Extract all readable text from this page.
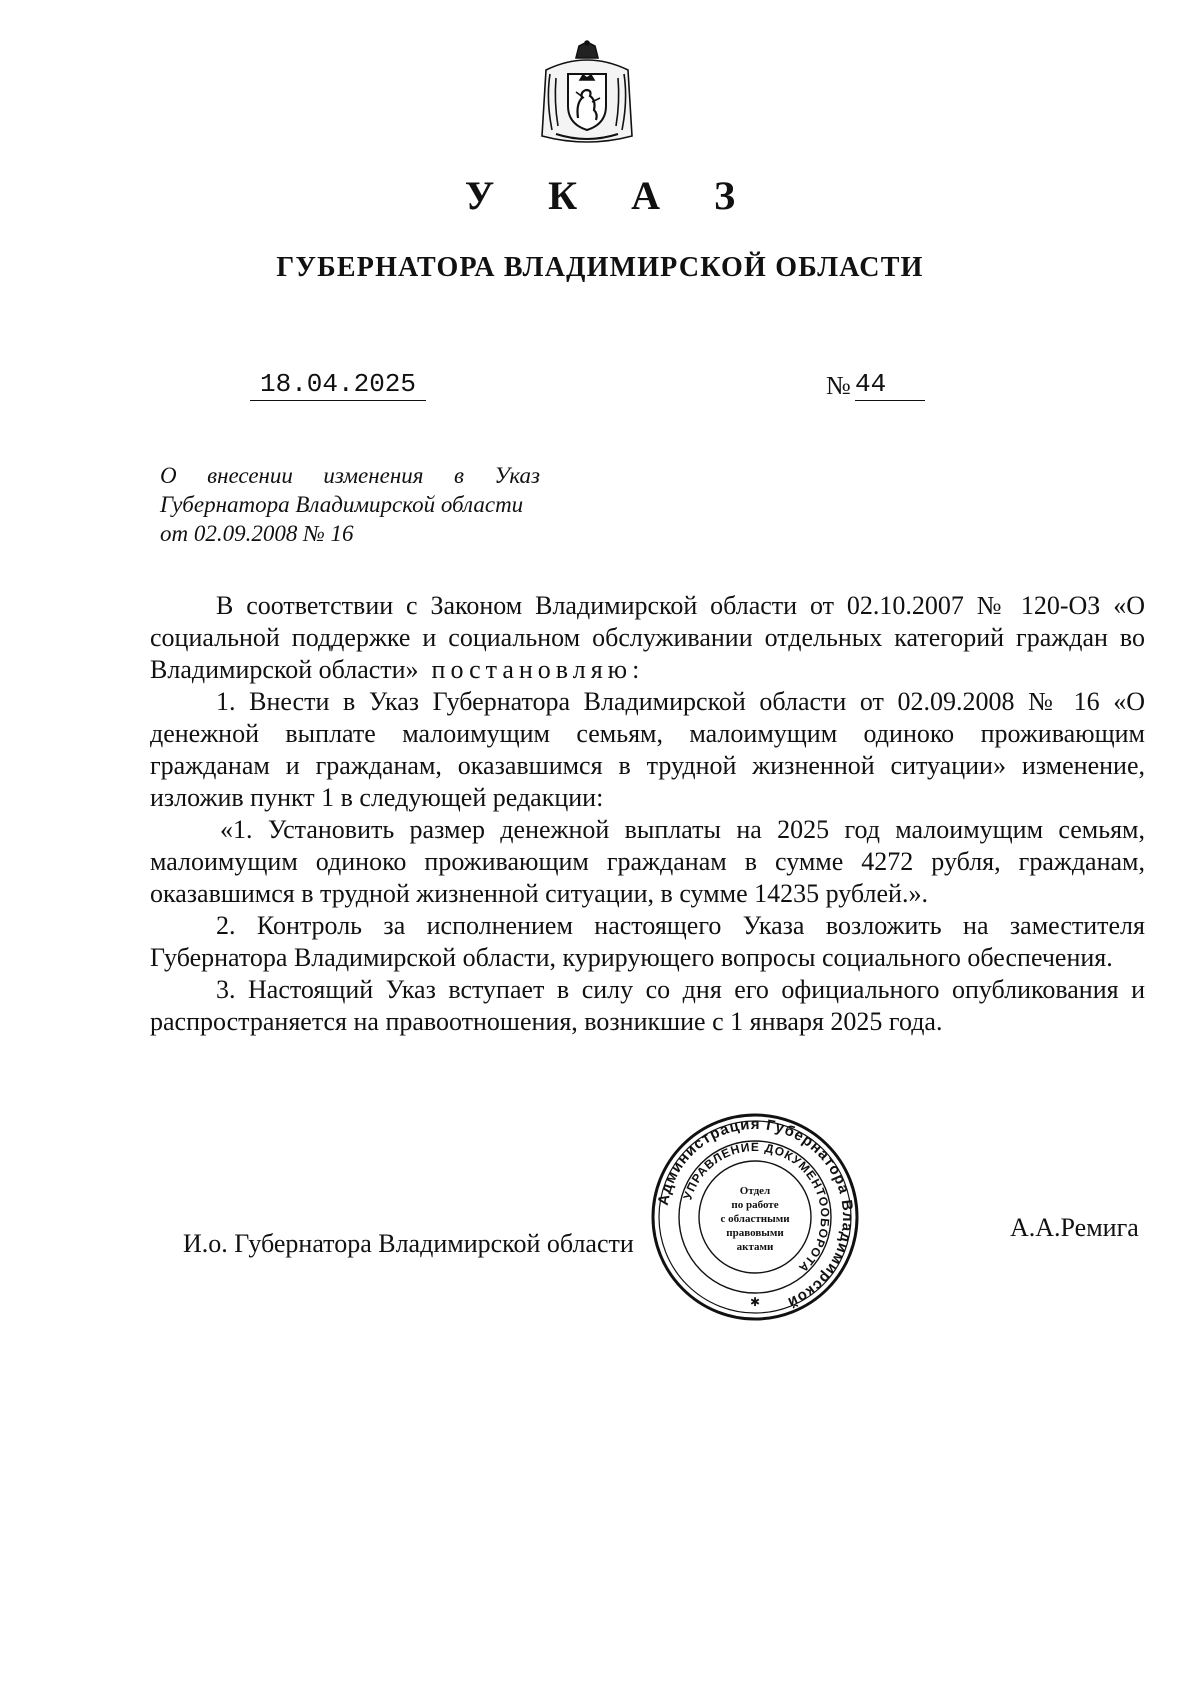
У К А З
ГУБЕРНАТОРА ВЛАДИМИРСКОЙ ОБЛАСТИ
18.04.2025	№ 44
О внесении изменения в Указ
Губернатора Владимирской области
от 02.09.2008 № 16

В соответствии с Законом Владимирской области от 02.10.2007 № 120-ОЗ «О социальной поддержке и социальном обслуживании отдельных категорий граждан во Владимирской области» постановляю:

1. Внести в Указ Губернатора Владимирской области от 02.09.2008 № 16 «О денежной выплате малоимущим семьям, малоимущим одиноко проживающим гражданам и гражданам, оказавшимся в трудной жизненной ситуации» изменение, изложив пункт 1 в следующей редакции:

«1. Установить размер денежной выплаты на 2025 год малоимущим семьям, малоимущим одиноко проживающим гражданам в сумме 4272 рубля, гражданам, оказавшимся в трудной жизненной ситуации, в сумме 14235 рублей.».

2. Контроль за исполнением настоящего Указа возложить на заместителя Губернатора Владимирской области, курирующего вопросы социального обеспечения.

3. Настоящий Указ вступает в силу со дня его официального опубликования и распространяется на правоотношения, возникшие с 1 января 2025 года.

И.о. Губернатора Владимирской области
А.А.Ремига
Администрация Губернатора Владимирской
УПРАВЛЕНИЕ ДОКУМЕНТООБОРОТА
Отдел
по работе
с областными
правовыми
актами
✱
